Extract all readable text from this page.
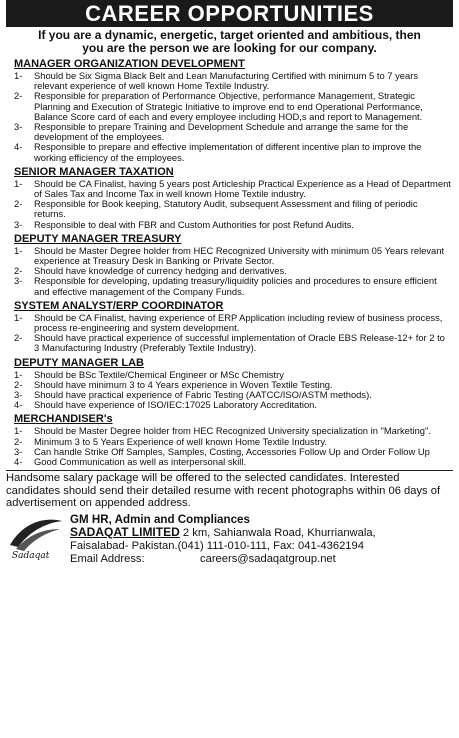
CAREER OPPORTUNITIES
If you are a dynamic, energetic, target oriented and ambitious, then
you are the person we are looking for our company.
MANAGER ORGANIZATION DEVELOPMENT
1-	Should be Six Sigma Black Belt and Lean Manufacturing Certified with minimum 5 to 7 years relevant experience of well known Home Textile Industry.
2-	Responsible for preparation of Performance Objective, performance Management, Strategic Planning and Execution of Strategic Initiative to improve end to end Operational Performance, Balance Score card of each and every employee including HOD,s and report to Management.
3-	Responsible to prepare Training and Development Schedule and arrange the same for the development of the employees.
4-	Responsible to prepare and effective implementation of different incentive plan to improve the working efficiency of the employees.
SENIOR MANAGER TAXATION
1-	Should be CA Finalist, having 5 years post Articleship Practical Experience as a Head of Department of Sales Tax and Income Tax in well known Home Textile industry.
2-	Responsible for Book keeping, Statutory Audit, subsequent Assessment and filing of periodic returns.
3-	Responsible to deal with FBR and Custom Authorities for post Refund Audits.
DEPUTY MANAGER TREASURY
1-	Should be Master Degree holder from HEC Recognized University with minimum 05 Years relevant experience at Treasury Desk in Banking or Private Sector.
2-	Should have knowledge of currency hedging and derivatives.
3-	Responsible for developing, updating treasury/liquidity policies and procedures to ensure efficient and effective management of the Company Funds.
SYSTEM ANALYST/ERP COORDINATOR
1-	Should be CA Finalist, having experience of ERP Application including review of business process, process re-engineering and system development.
2-	Should have practical experience of successful implementation of Oracle EBS Release-12+ for 2 to 3 Manufacturing Industry (Preferably Textile Industry).
DEPUTY MANAGER LAB
1-	Should be BSc Textile/Chemical Engineer or MSc Chemistry
2-	Should have minimum 3 to 4 Years experience in Woven Textile Testing.
3-	Should have practical experience of Fabric Testing (AATCC/ISO/ASTM methods).
4-	Should have experience of ISO/IEC:17025 Laboratory Accreditation.
MERCHANDISER's
1-	Should be Master Degree holder from HEC Recognized University specialization in "Marketing".
2-	Minimum 3 to 5 Years Experience of well known Home Textile Industry.
3-	Can handle Strike Off Samples, Samples, Costing, Accessories Follow Up and Order Follow Up
4-	Good Communication as well as interpersonal skill.
Handsome salary package will be offered to the selected candidates. Interested candidates should send their detailed resume with recent photographs within 06 days of advertisement on appended address.
Sadaqat
GM HR, Admin and Compliances
SADAQAT LIMITED 2 km, Sahianwala Road, Khurrianwala,
Faisalabad- Pakistan.(041) 111-010-111, Fax: 041-4362194
Email Address:	careers@sadaqatgroup.net
